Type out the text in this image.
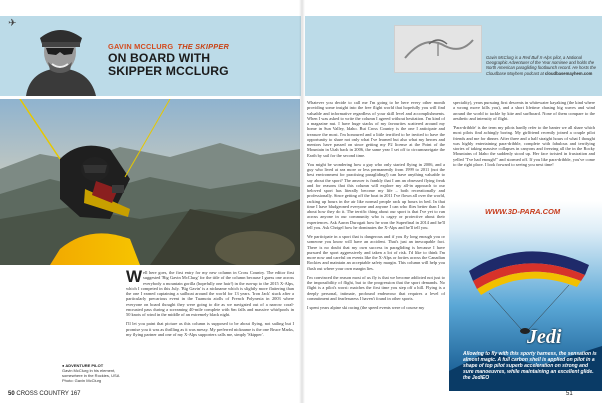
✈
GAVIN MCCLURG THE SKIPPER
ON BOARD WITH
SKIPPER MCCLURG
Gavin McClurg is a Red Bull X-Alps pilot, a National Geographic Adventurer of the Year nominee and holds the North American paragliding footlaunch record. He hosts the Cloudbase Mayhem podcast at cloudbasemayhem.com

Well here goes, the first entry for my new column in Cross Country. The editor first suggested 'Big Gavin McClurg' for the title of the column because I guess one across everybody a mountain gorilla (hopefully one hair!) in the run-up to the 2015 X-Alps, which I competed in this July. 'Big Gavin' is a nickname which is slightly more flattering than the one I earned captaining a sailboat around the world for 13 years. 'Iron Jack' stuck after a particularly precarious event in the Tuamotu atolls of French Polynesia in 2003 where everyone on board thought they were going to die as we navigated out of a narrow coral-encrusted pass during a screaming 40-mile complete with 6m falls and massive whirlpools in 50 knots of wind in the middle of an extremely black night.

I'll let you paint that picture as this column is supposed to be about flying, not sailing but I promise you it was as thrilling as it was messy. My preferred nickname is the one Bruce Marks, my flying partner and one of my X-Alps supporters calls me, simply 'Skipper'.

● ADVENTURE PILOT
Gavin McClurg in his element, somewhere in the Rockies, USA
Photo: Gavin McClurg

Whatever you decide to call me I'm going to be here every other month providing some insight into the free flight world that hopefully you will find valuable and informative regardless of your skill level and accomplishments. When I was asked to write the column I agreed without hesitation. I'm kind of a magazine nut. I have huge stacks of my favourites scattered around my home in Sun Valley, Idaho. But Cross Country is the one I anticipate and treasure the most. I'm honoured and a little terrified to be invited to have the opportunity to share not only what I've learned but also what my heroes and mentors have passed on since getting my P2 license at the Point of the Mountain in Utah back in 2006, the same year I set off to circumnavigate the Earth by sail for the second time.

You might be wondering how a guy who only started flying in 2006, and a guy who lived at sea more or less permanently from 1999 to 2011 (not the best environment for practising paragliding!) can have anything valuable to say about the sport? The answer is frankly that I am an obsessed flying freak and for reasons that this column will explore my all-in approach to our beloved sport has literally become my life – both recreationally and professionally. Since getting off the boat in 2011 I've flown all over the world, racking up hours in the air like normal people rack up hours in bed. In that time I have bludgeoned everyone and anyone I can who flies better than I do about how they do it. The terrific thing about our sport is that I've yet to run across anyone in our community who is cagey or protective about their experiences. Ask Aaron Durogati how he won the Superfinal in 2014 and he'll tell you. Ask Chrigel how he dominates the X-Alps and he'll tell you.

We participate in a sport that is dangerous and if you fly long enough you or someone you know will have an accident. That's just an inescapable fact. There is no doubt that my own success in paragliding is because I have pursued the sport aggressively and taken a lot of risk. I'd like to think I'm more now and careful on events like the X-Alps or forties across the Canadian Rockies and maintain an acceptable safety margin. This column will help you flush out where your own margin lies.

I'm convinced the reason most of us fly is that we become addicted not just to the impossibility of flight, but to the progression that the sport demands. No flight is a pilot's worst: matches the first time you step off a hill. Flying is a deeply personal, intimate, profound endeavour that requires a level of commitment and fearlessness I haven't found in other sports.

I spent years alpine ski racing (the speed events were of course my

speciality), years pursuing first descents in whitewater kayaking (the kind where a wrong move kills you), and a short lifetime chasing big waves and wind around the world to tackle by kite and surfboard. None of them compare to the aesthetic and intensity of flight.

'Para-dribble' is the term my pilots hardly refer to the banter we all share which most pilots find achingly boring. My girlfriend recently joined a couple pilot friends and me for dinner. After three and a half straight hours of what I thought was highly entertaining para-dribble, complete with fabulous and terrifying stories of taking massive collapses in canyons and freezing all the in the Rocky Mountains of Idaho the suddenly stood up. Her face twisted in frustration and yelled "I've had enough!" and stormed off. If you like para-dribble, you've come to the right place. I look forward to seeing you next time!

WWW.3D-PARA.COM
Jedi
Allowing to fly with this sporty harness, the sensation is almost magic. A full carbon shell is applied on pilot in a shape of top pilot superb acceleration on strong and sure manoeuvres, while maintaining an excellent glide. the JediEO
50 CROSS COUNTRY 167	51
